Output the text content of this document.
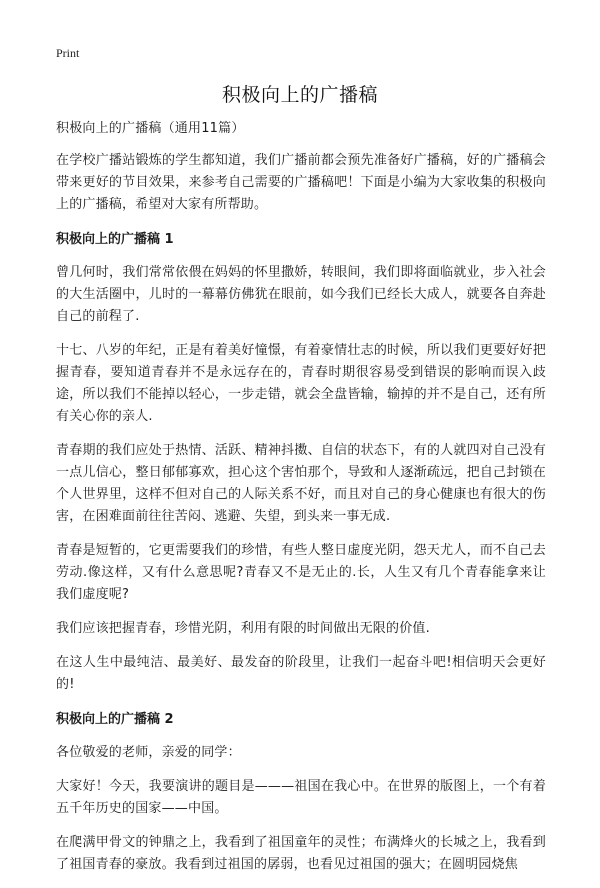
Print
积极向上的广播稿

积极向上的广播稿（通用11篇）

在学校广播站锻炼的学生都知道，我们广播前都会预先准备好广播稿，好的广播稿会带来更好的节目效果，来参考自己需要的广播稿吧！下面是小编为大家收集的积极向上的广播稿，希望对大家有所帮助。

积极向上的广播稿 1

曾几何时，我们常常依偎在妈妈的怀里撒娇，转眼间，我们即将面临就业，步入社会的大生活圈中，儿时的一幕幕仿佛犹在眼前，如今我们已经长大成人，就要各自奔赴自己的前程了.

十七、八岁的年纪，正是有着美好憧憬，有着豪情壮志的时候，所以我们更要好好把握青春，要知道青春并不是永远存在的，青春时期很容易受到错误的影响而误入歧途，所以我们不能掉以轻心，一步走错，就会全盘皆输，输掉的并不是自己，还有所有关心你的亲人.

青春期的我们应处于热情、活跃、精神抖擞、自信的状态下，有的人就四对自己没有一点儿信心，整日郁郁寡欢，担心这个害怕那个，导致和人逐渐疏远，把自己封锁在个人世界里，这样不但对自己的人际关系不好，而且对自己的身心健康也有很大的伤害，在困难面前往往苦闷、逃避、失望，到头来一事无成.

青春是短暂的，它更需要我们的珍惜，有些人整日虚度光阴，怨天尤人，而不自己去劳动.像这样，又有什么意思呢?青春又不是无止的.长，人生又有几个青春能拿来让我们虚度呢?

我们应该把握青春，珍惜光阴，利用有限的时间做出无限的价值.

在这人生中最纯洁、最美好、最发奋的阶段里，让我们一起奋斗吧!相信明天会更好的!

积极向上的广播稿 2

各位敬爱的老师，亲爱的同学：

大家好！今天，我要演讲的题目是———祖国在我心中。在世界的版图上，一个有着五千年历史的国家——中国。

在爬满甲骨文的钟鼎之上，我看到了祖国童年的灵性；布满烽火的长城之上，我看到了祖国青春的豪放。我看到过祖国的孱弱，也看见过祖国的强大；在圆明园烧焦
